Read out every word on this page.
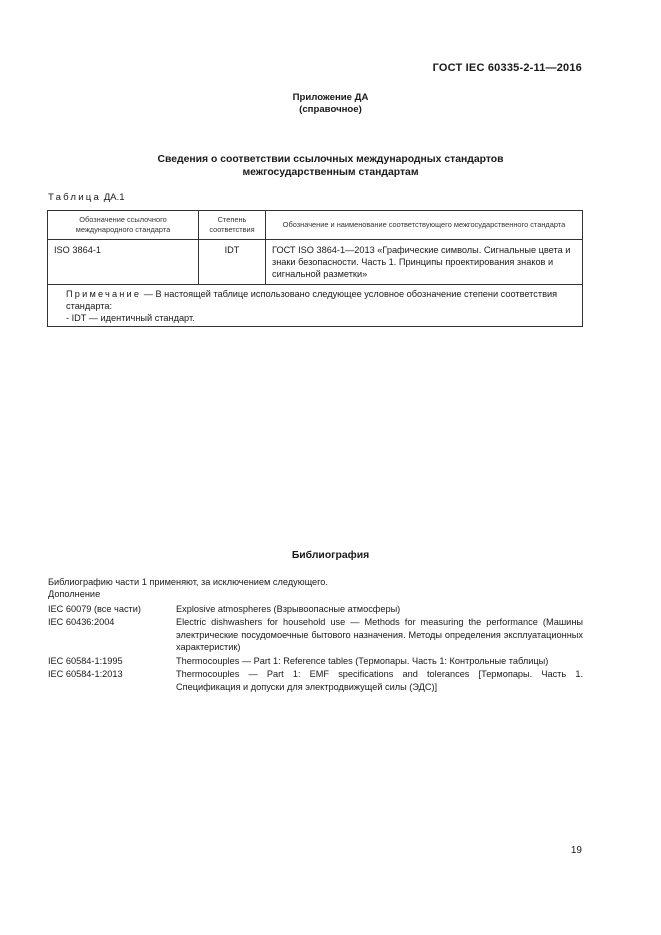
ГОСТ IEC 60335-2-11—2016
Приложение ДА
(справочное)
Сведения о соответствии ссылочных международных стандартов
межгосударственным стандартам
Таблица ДА.1
Обозначение ссылочного международного стандарта	Степень соответствия	Обозначение и наименование соответствующего межгосударственного стандарта
ISO 3864-1	IDT	ГОСТ ISO 3864-1—2013 «Графические символы. Сигнальные цвета и знаки безопасности. Часть 1. Принципы проектирования знаков и сигнальной разметки»

Примечание — В настоящей таблице использовано следующее условное обозначение степени соответствия стандарта:
- IDT — идентичный стандарт.		
Библиография
Библиографию части 1 применяют, за исключением следующего.
Дополнение
IEC 60079 (все части)	Explosive atmospheres (Взрывоопасные атмосферы)
IEC 60436:2004	Electric dishwashers for household use — Methods for measuring the performance (Машины электрические посудомоечные бытового назначения. Методы определения эксплуатационных характеристик)
IEC 60584-1:1995	Thermocouples — Part 1: Reference tables (Термопары. Часть 1: Контрольные таблицы)
IEC 60584-1:2013	Thermocouples — Part 1: EMF specifications and tolerances [Термопары. Часть 1. Спецификация и допуски для электродвижущей силы (ЭДС)]
19
